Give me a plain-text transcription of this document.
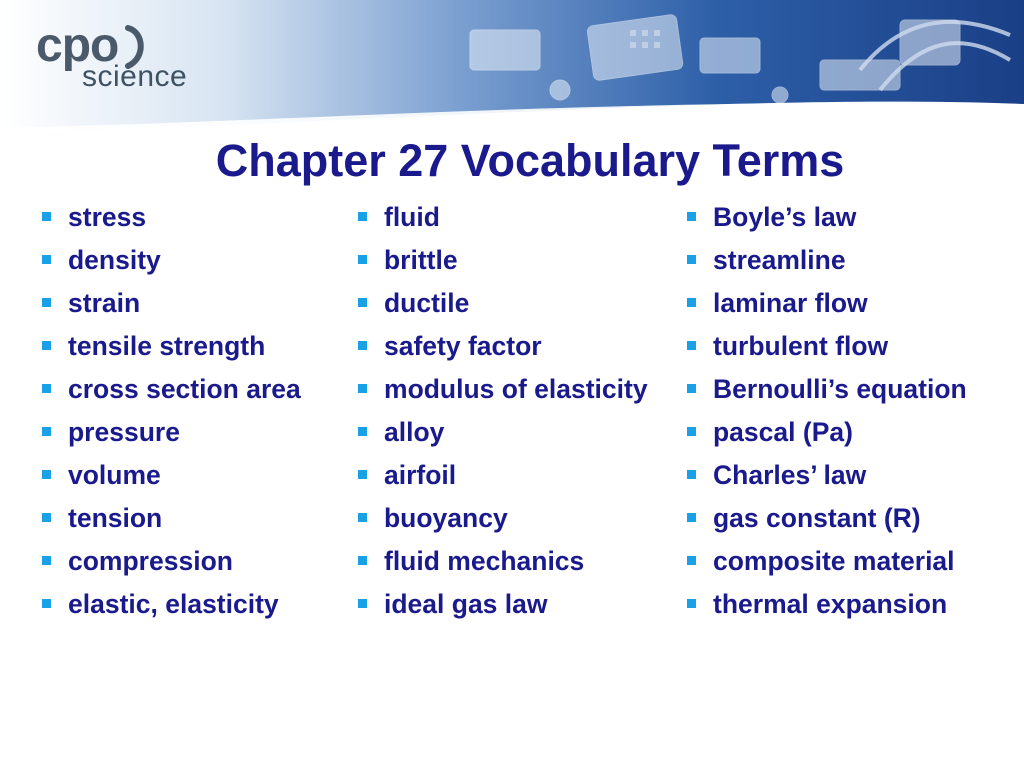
cpo
science
Chapter 27 Vocabulary Terms
stress
density
strain
tensile strength
cross section area
pressure
volume
tension
compression
elastic, elasticity
fluid
brittle
ductile
safety factor
modulus of elasticity
alloy
airfoil
buoyancy
fluid mechanics
ideal gas law
Boyle’s law
streamline
laminar flow
turbulent flow
Bernoulli’s equation
pascal (Pa)
Charles’ law
gas constant (R)
composite material
thermal expansion
